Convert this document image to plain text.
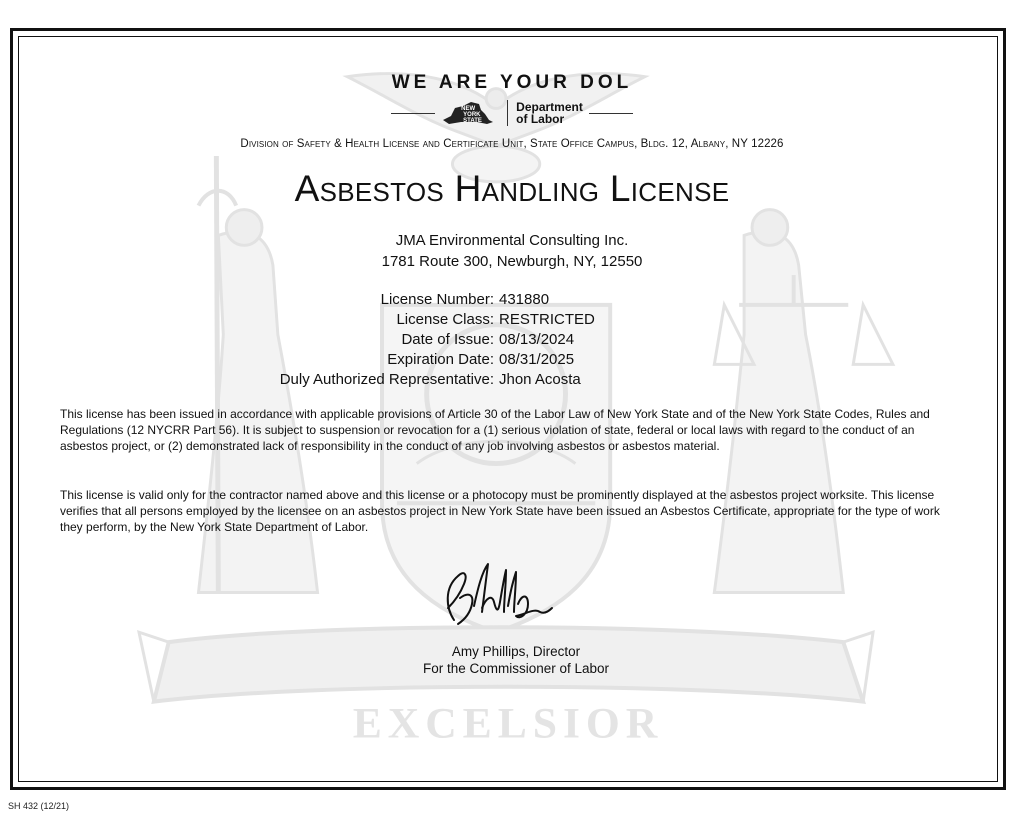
EXCELSIOR
WE ARE YOUR DOL
NEW
YORK
STATE
Department
of Labor
Division of Safety & Health License and Certificate Unit, State Office Campus, Bldg. 12, Albany, NY 12226
Asbestos Handling License
JMA Environmental Consulting Inc.
1781 Route 300, Newburgh, NY, 12550
License Number: 431880
License Class: RESTRICTED
Date of Issue: 08/13/2024
Expiration Date: 08/31/2025
Duly Authorized Representative: Jhon Acosta
This license has been issued in accordance with applicable provisions of Article 30 of the Labor Law of New York State and of the New York State Codes, Rules and Regulations (12 NYCRR Part 56). It is subject to suspension or revocation for a (1) serious violation of state, federal or local laws with regard to the conduct of an asbestos project, or (2) demonstrated lack of responsibility in the conduct of any job involving asbestos or asbestos material.
This license is valid only for the contractor named above and this license or a photocopy must be prominently displayed at the asbestos project worksite. This license verifies that all persons employed by the licensee on an asbestos project in New York State have been issued an Asbestos Certificate, appropriate for the type of work they perform, by the New York State Department of Labor.
Amy Phillips, Director
For the Commissioner of Labor
SH 432 (12/21)
